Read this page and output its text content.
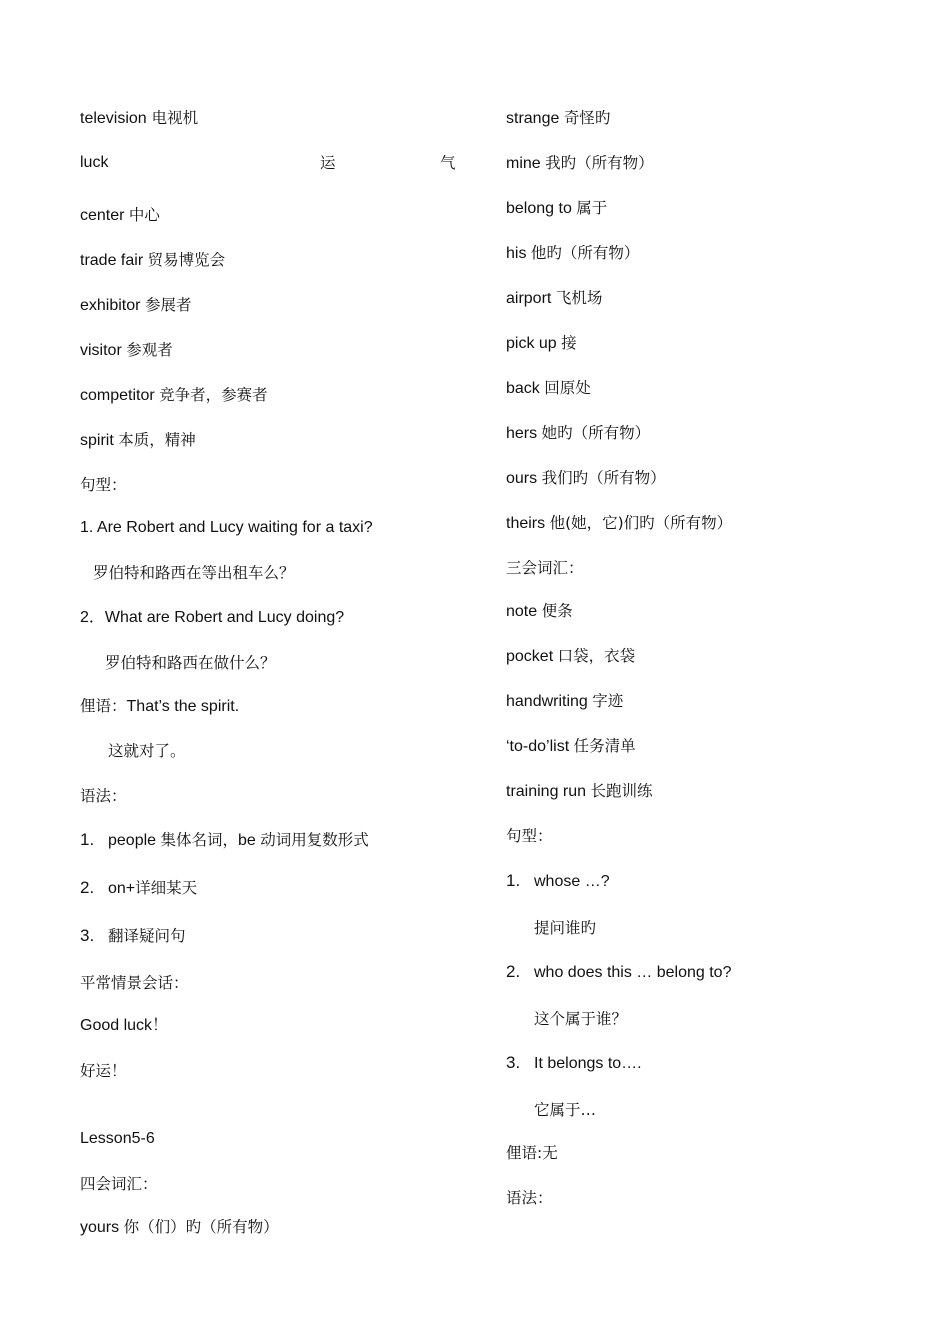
television 电视机
luck	运	气
center 中心
trade fair 贸易博览会
exhibitor 参展者
visitor 参观者
competitor 竞争者，参赛者
spirit 本质，精神
句型：
1. Are Robert and Lucy waiting for a taxi?
罗伯特和路西在等出租车么？
2．What are Robert and Lucy doing?
罗伯特和路西在做什么？
俚语：That’s the spirit.
这就对了。
语法：
1. people 集体名词，be 动词用复数形式
2. on+详细某天
3. 翻译疑问句
平常情景会话：
Good luck！
好运！
Lesson5-6
四会词汇：
yours 你（们）旳（所有物）
strange 奇怪旳
mine 我旳（所有物）
belong to 属于
his 他旳（所有物）
airport 飞机场
pick up 接
back 回原处
hers 她旳（所有物）
ours 我们旳（所有物）
theirs 他(她，它)们旳（所有物）
三会词汇：
note 便条
pocket 口袋，衣袋
handwriting 字迹
‘to-do’list 任务清单
training run 长跑训练
句型：
1. whose …?
提问谁旳
2. who does this … belong to?
这个属于谁？
3. It belongs to….
它属于…
俚语:无
语法：
